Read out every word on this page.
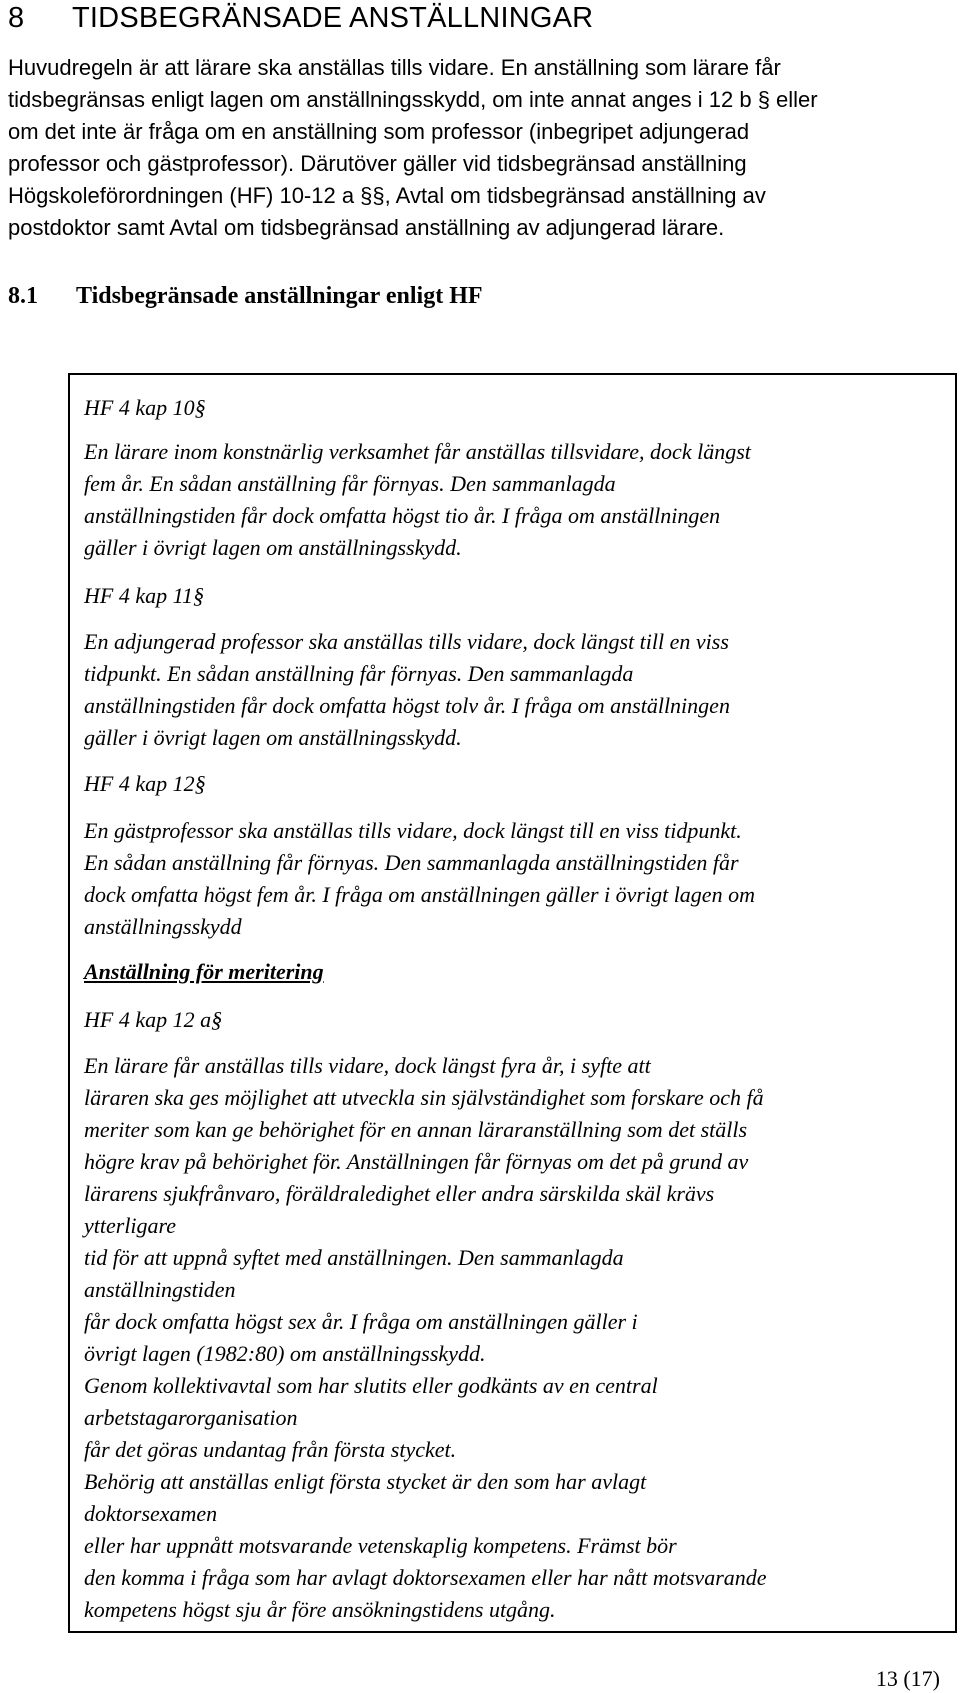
8 TIDSBEGRÄNSADE ANSTÄLLNINGAR
Huvudregeln är att lärare ska anställas tills vidare. En anställning som lärare får
tidsbegränsas enligt lagen om anställningsskydd, om inte annat anges i 12 b § eller
om det inte är fråga om en anställning som professor (inbegripet adjungerad
professor och gästprofessor). Därutöver gäller vid tidsbegränsad anställning
Högskoleförordningen (HF) 10-12 a §§, Avtal om tidsbegränsad anställning av
postdoktor samt Avtal om tidsbegränsad anställning av adjungerad lärare.
8.1 Tidsbegränsade anställningar enligt HF
HF 4 kap 10§
En lärare inom konstnärlig verksamhet får anställas tillsvidare, dock längst
fem år. En sådan anställning får förnyas. Den sammanlagda
anställningstiden får dock omfatta högst tio år. I fråga om anställningen
gäller i övrigt lagen om anställningsskydd.
HF 4 kap 11§
En adjungerad professor ska anställas tills vidare, dock längst till en viss
tidpunkt. En sådan anställning får förnyas. Den sammanlagda
anställningstiden får dock omfatta högst tolv år. I fråga om anställningen
gäller i övrigt lagen om anställningsskydd.
HF 4 kap 12§
En gästprofessor ska anställas tills vidare, dock längst till en viss tidpunkt.
En sådan anställning får förnyas. Den sammanlagda anställningstiden får
dock omfatta högst fem år. I fråga om anställningen gäller i övrigt lagen om
anställningsskydd
Anställning för meritering
HF 4 kap 12 a§
En lärare får anställas tills vidare, dock längst fyra år, i syfte att
läraren ska ges möjlighet att utveckla sin självständighet som forskare och få
meriter som kan ge behörighet för en annan läraranställning som det ställs
högre krav på behörighet för. Anställningen får förnyas om det på grund av
lärarens sjukfrånvaro, föräldraledighet eller andra särskilda skäl krävs
ytterligare
tid för att uppnå syftet med anställningen. Den sammanlagda
anställningstiden
får dock omfatta högst sex år. I fråga om anställningen gäller i
övrigt lagen (1982:80) om anställningsskydd.
Genom kollektivavtal som har slutits eller godkänts av en central
arbetstagarorganisation
får det göras undantag från första stycket.
Behörig att anställas enligt första stycket är den som har avlagt
doktorsexamen
eller har uppnått motsvarande vetenskaplig kompetens. Främst bör
den komma i fråga som har avlagt doktorsexamen eller har nått motsvarande
kompetens högst sju år före ansökningstidens utgång.
13 (17)
